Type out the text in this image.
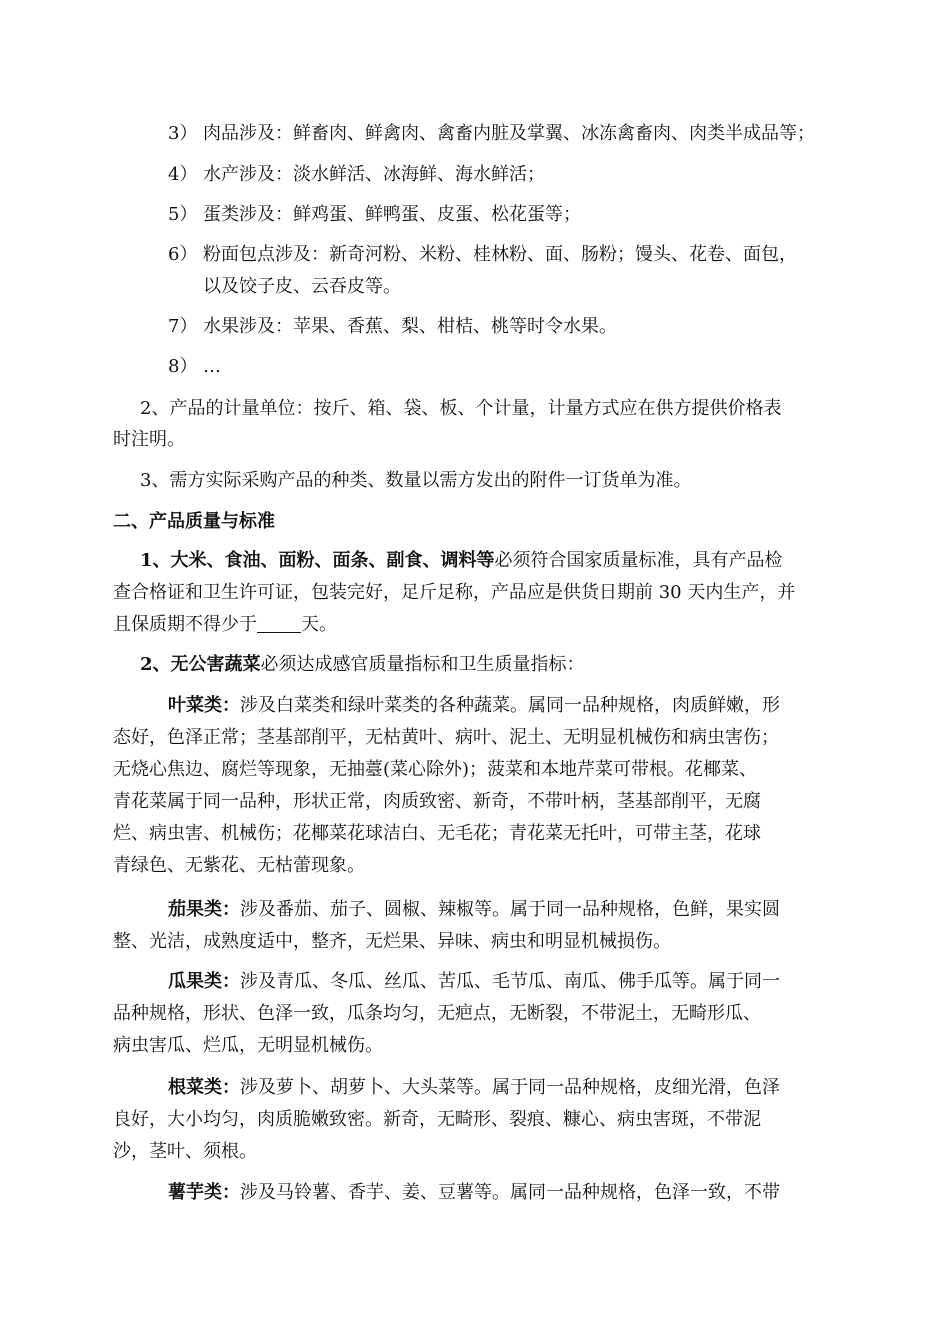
3） 肉品涉及：鲜畜肉、鲜禽肉、禽畜内脏及掌翼、冰冻禽畜肉、肉类半成品等；
4） 水产涉及：淡水鲜活、冰海鲜、海水鲜活；
5） 蛋类涉及：鲜鸡蛋、鲜鸭蛋、皮蛋、松花蛋等；
6） 粉面包点涉及：新奇河粉、米粉、桂林粉、面、肠粉；馒头、花卷、面包，
以及饺子皮、云吞皮等。
7） 水果涉及：苹果、香蕉、梨、柑桔、桃等时令水果。
8） …
2、产品的计量单位：按斤、箱、袋、板、个计量，计量方式应在供方提供价格表
时注明。
3、需方实际采购产品的种类、数量以需方发出的附件一订货单为准。
二、产品质量与标准
1、大米、食油、面粉、面条、副食、调料等必须符合国家质量标准，具有产品检
查合格证和卫生许可证，包装完好，足斤足称，产品应是供货日期前 30 天内生产，并
且保质期不得少于 天。
2、无公害蔬菜必须达成感官质量指标和卫生质量指标：
叶菜类：涉及白菜类和绿叶菜类的各种蔬菜。属同一品种规格，肉质鲜嫩，形
态好，色泽正常；茎基部削平，无枯黄叶、病叶、泥土、无明显机械伤和病虫害伤；
无烧心焦边、腐烂等现象，无抽薹(菜心除外)；菠菜和本地芹菜可带根。花椰菜、
青花菜属于同一品种，形状正常，肉质致密、新奇，不带叶柄，茎基部削平，无腐
烂、病虫害、机械伤；花椰菜花球洁白、无毛花；青花菜无托叶，可带主茎，花球
青绿色、无紫花、无枯蕾现象。
茄果类：涉及番茄、茄子、圆椒、辣椒等。属于同一品种规格，色鲜，果实圆
整、光洁，成熟度适中，整齐，无烂果、异味、病虫和明显机械损伤。
瓜果类：涉及青瓜、冬瓜、丝瓜、苦瓜、毛节瓜、南瓜、佛手瓜等。属于同一
品种规格，形状、色泽一致，瓜条均匀，无疤点，无断裂，不带泥土，无畸形瓜、
病虫害瓜、烂瓜，无明显机械伤。
根菜类：涉及萝卜、胡萝卜、大头菜等。属于同一品种规格，皮细光滑，色泽
良好，大小均匀，肉质脆嫩致密。新奇，无畸形、裂痕、糠心、病虫害斑，不带泥
沙，茎叶、须根。
薯芋类：涉及马铃薯、香芋、姜、豆薯等。属同一品种规格，色泽一致，不带
